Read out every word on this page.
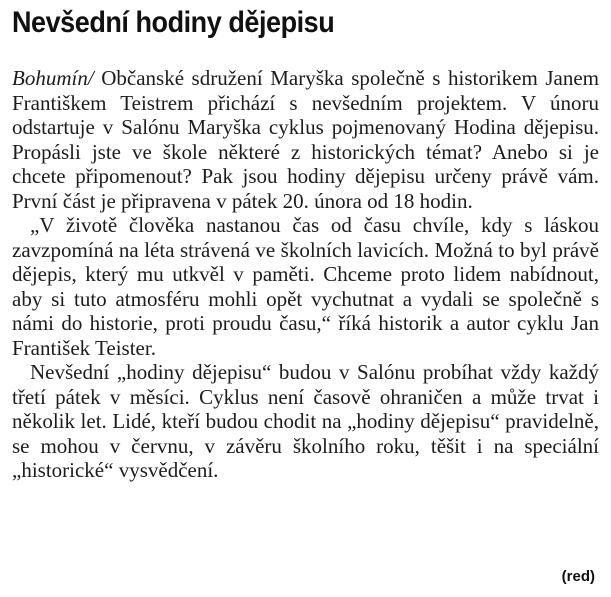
Nevšední hodiny dějepisu

Bohumín/ Občanské sdružení Maryška společně s historikem Janem Františkem Teistrem přichází s nevšedním projektem. V únoru odstartuje v Salónu Maryška cyklus pojmenovaný Hodina dějepisu. Propásli jste ve škole některé z historických témat? Anebo si je chcete připomenout? Pak jsou hodiny dějepisu určeny právě vám. První část je připravena v pátek 20. února od 18 hodin.

„V životě člověka nastanou čas od času chvíle, kdy s láskou zavzpomíná na léta strávená ve školních lavicích. Možná to byl právě dějepis, který mu utkvěl v paměti. Chceme proto lidem nabídnout, aby si tuto atmosféru mohli opět vychutnat a vydali se společně s námi do historie, proti proudu času,“ říká historik a autor cyklu Jan František Teister.

Nevšední „hodiny dějepisu“ budou v Salónu probíhat vždy každý třetí pátek v měsíci. Cyklus není časově ohraničen a může trvat i několik let. Lidé, kteří budou chodit na „hodiny dějepisu“ pravidelně, se mohou v červnu, v závěru školního roku, těšit i na speciální „historické“ vysvědčení.

(red)
